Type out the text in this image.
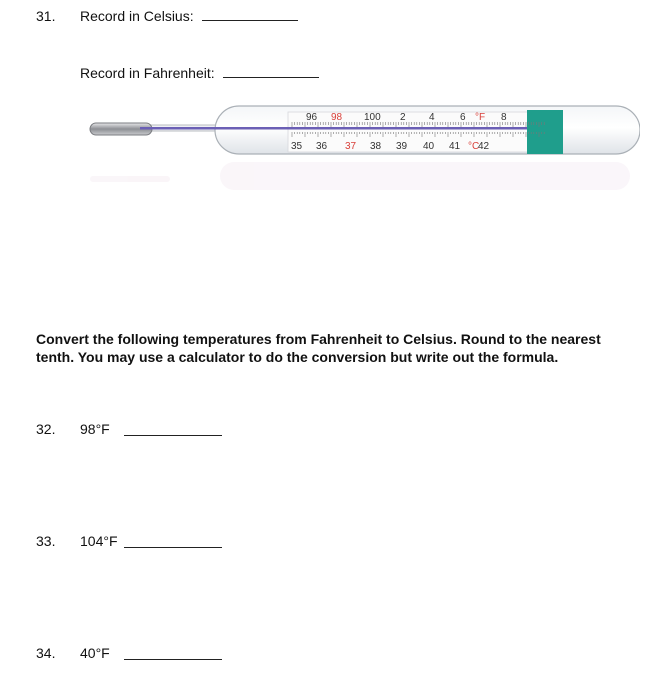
31. Record in Celsius:
Record in Fahrenheit:
96 98 100 2 4	6 °F 8
35 36 37 38 39 40 41 °C
42
Convert the following temperatures from Fahrenheit to Celsius. Round to the nearest tenth. You may use a calculator to do the conversion but write out the formula.
32. 98°F
33. 104°F
34. 40°F
